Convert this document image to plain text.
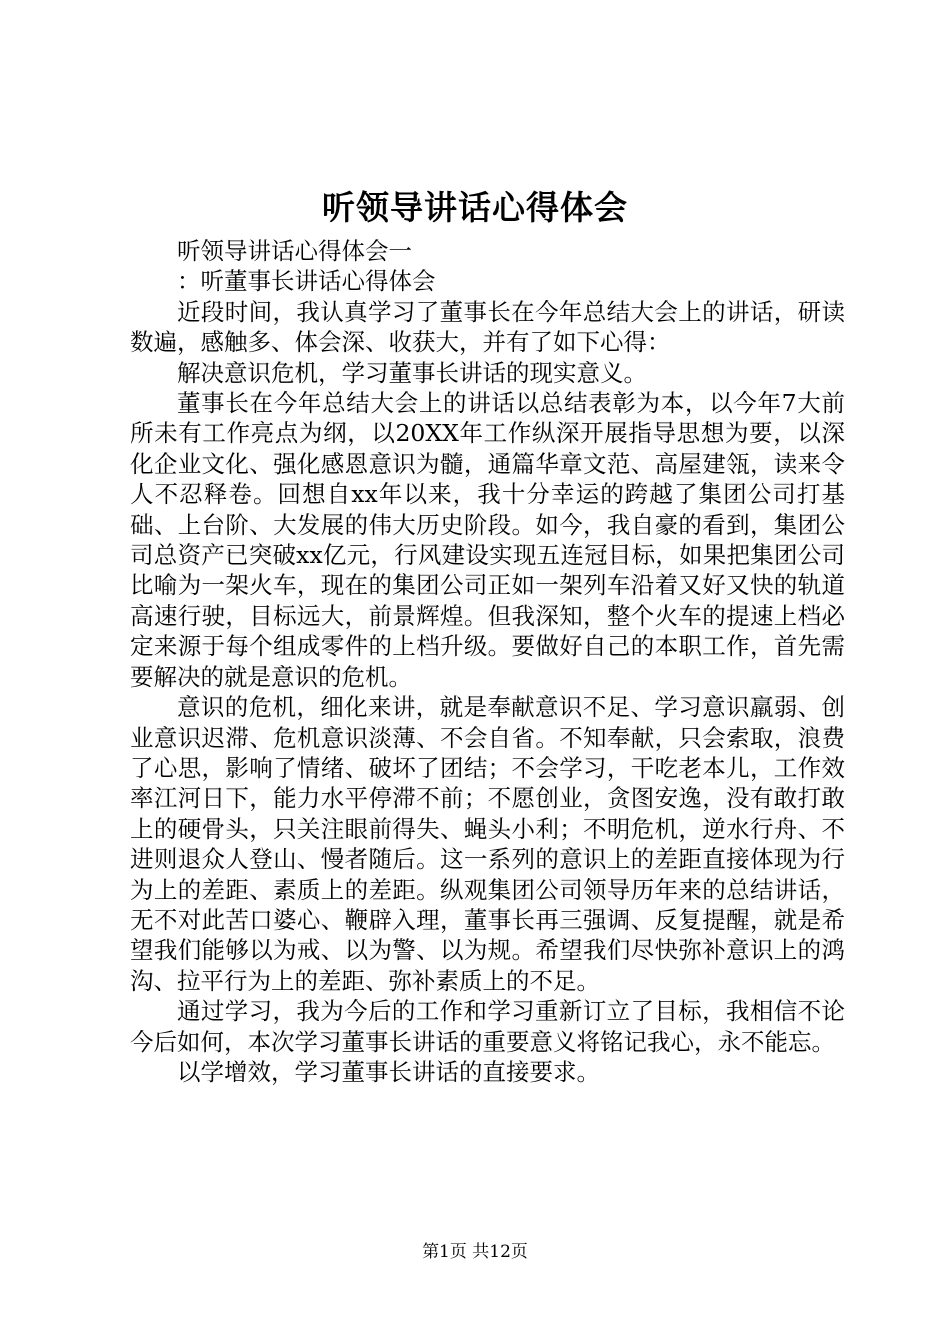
听领导讲话心得体会

听领导讲话心得体会一

：听董事长讲话心得体会

近段时间，我认真学习了董事长在今年总结大会上的讲话，研读数遍，感触多、体会深、收获大，并有了如下心得：

解决意识危机，学习董事长讲话的现实意义。

董事长在今年总结大会上的讲话以总结表彰为本，以今年7大前所未有工作亮点为纲，以20XX年工作纵深开展指导思想为要，以深化企业文化、强化感恩意识为髓，通篇华章文范、高屋建瓴，读来令人不忍释卷。回想自xx年以来，我十分幸运的跨越了集团公司打基础、上台阶、大发展的伟大历史阶段。如今，我自豪的看到，集团公司总资产已突破xx亿元，行风建设实现五连冠目标，如果把集团公司比喻为一架火车，现在的集团公司正如一架列车沿着又好又快的轨道高速行驶，目标远大，前景辉煌。但我深知，整个火车的提速上档必定来源于每个组成零件的上档升级。要做好自己的本职工作，首先需要解决的就是意识的危机。

意识的危机，细化来讲，就是奉献意识不足、学习意识羸弱、创业意识迟滞、危机意识淡薄、不会自省。不知奉献，只会索取，浪费了心思，影响了情绪、破坏了团结；不会学习，干吃老本儿，工作效率江河日下，能力水平停滞不前；不愿创业，贪图安逸，没有敢打敢上的硬骨头，只关注眼前得失、蝇头小利；不明危机，逆水行舟、不进则退众人登山、慢者随后。这一系列的意识上的差距直接体现为行为上的差距、素质上的差距。纵观集团公司领导历年来的总结讲话，无不对此苦口婆心、鞭辟入理，董事长再三强调、反复提醒，就是希望我们能够以为戒、以为警、以为规。希望我们尽快弥补意识上的鸿沟、拉平行为上的差距、弥补素质上的不足。

通过学习，我为今后的工作和学习重新订立了目标，我相信不论今后如何，本次学习董事长讲话的重要意义将铭记我心，永不能忘。

以学增效，学习董事长讲话的直接要求。

第1页 共12页
